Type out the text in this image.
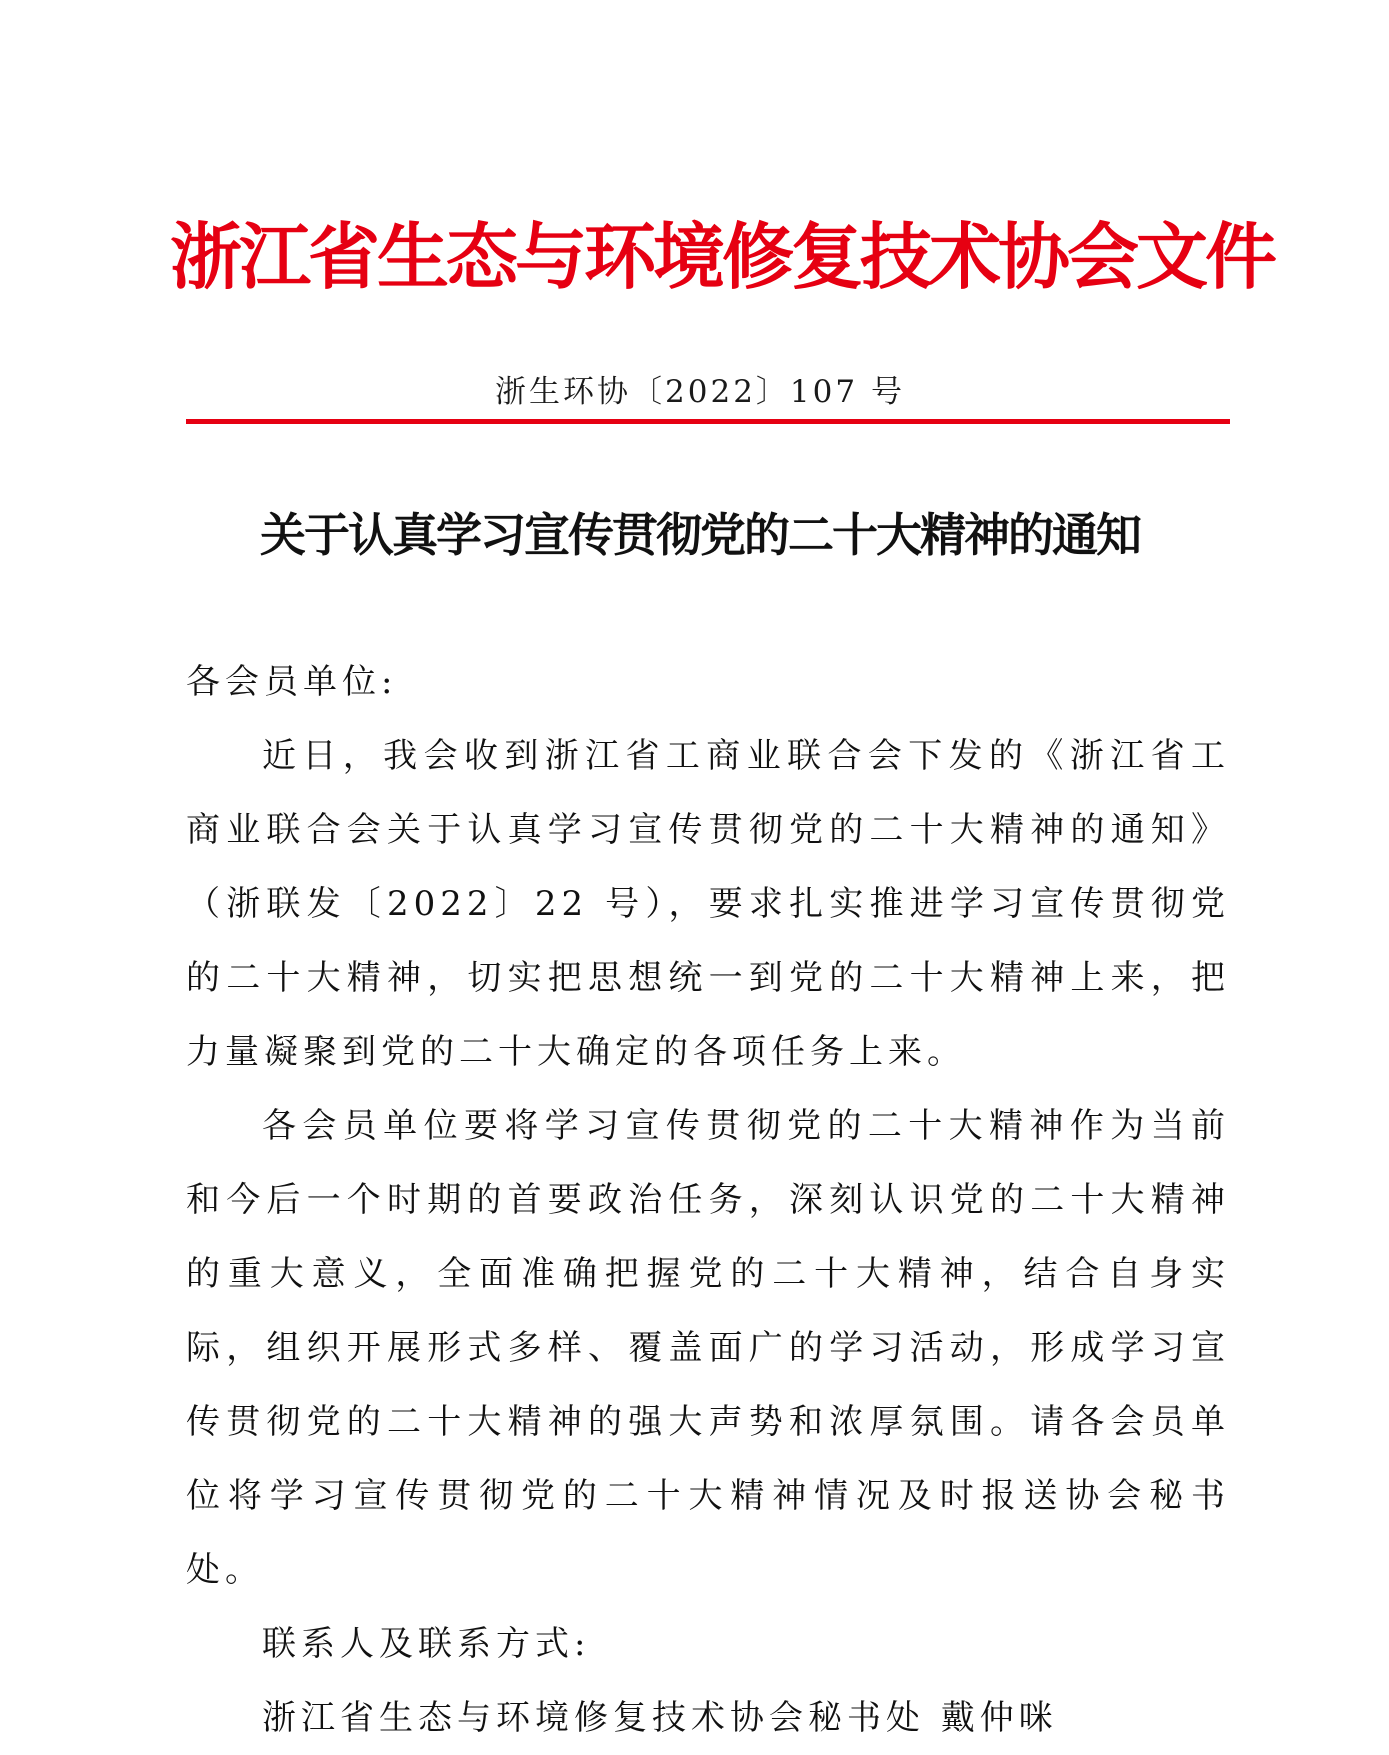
浙江省生态与环境修复技术协会文件
浙生环协〔2022〕107 号
关于认真学习宣传贯彻党的二十大精神的通知

各会员单位:

近日，我会收到浙江省工商业联合会下发的《浙江省工商业联合会关于认真学习宣传贯彻党的二十大精神的通知》（浙联发〔2022〕22 号），要求扎实推进学习宣传贯彻党的二十大精神，切实把思想统一到党的二十大精神上来，把力量凝聚到党的二十大确定的各项任务上来。

各会员单位要将学习宣传贯彻党的二十大精神作为当前和今后一个时期的首要政治任务，深刻认识党的二十大精神的重大意义，全面准确把握党的二十大精神，结合自身实际，组织开展形式多样、覆盖面广的学习活动，形成学习宣传贯彻党的二十大精神的强大声势和浓厚氛围。请各会员单位将学习宣传贯彻党的二十大精神情况及时报送协会秘书处。

联系人及联系方式:

浙江省生态与环境修复技术协会秘书处 戴仲咪
